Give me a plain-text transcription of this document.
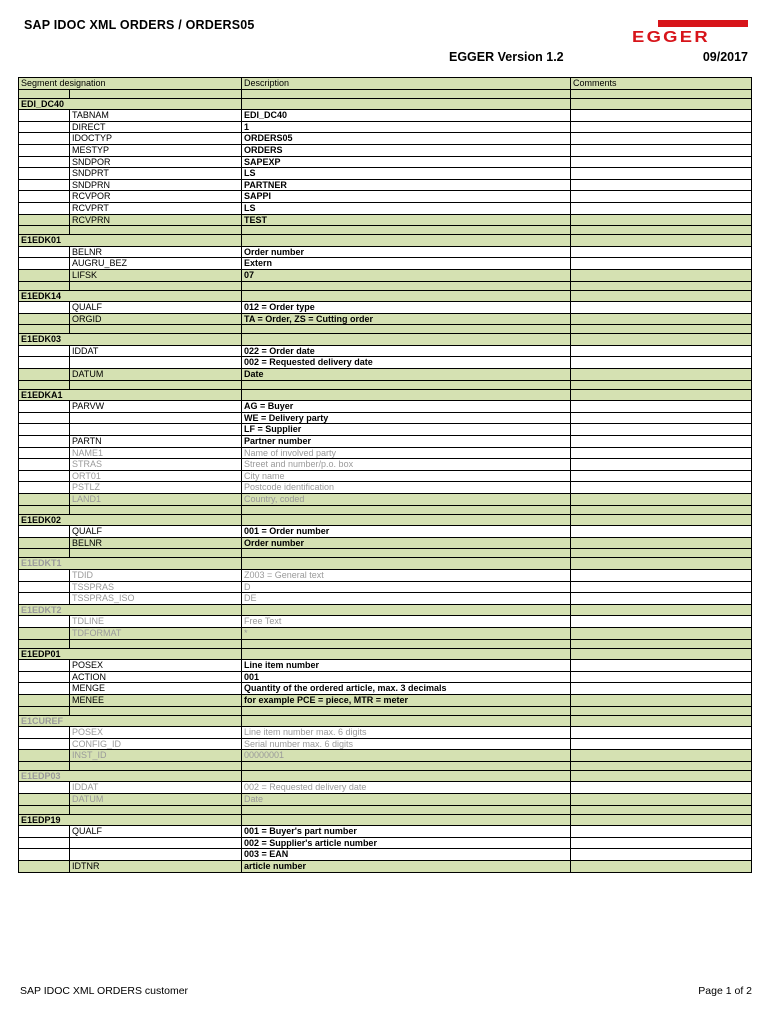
SAP IDOC XML ORDERS / ORDERS05
EGGER
EGGER Version 1.2	09/2017
Segment designation		Description	Comments

EDI_DC40			
	TABNAM	EDI_DC40	
	DIRECT	1	
	IDOCTYP	ORDERS05	
	MESTYP	ORDERS	
	SNDPOR	SAPEXP	
	SNDPRT	LS	
	SNDPRN	PARTNER	
	RCVPOR	SAPPI	
	RCVPRT	LS	
	RCVPRN	TEST	

E1EDK01			
	BELNR	Order number	
	AUGRU_BEZ	Extern	
	LIFSK	07	

E1EDK14			
	QUALF	012 = Order type	
	ORGID	TA = Order, ZS = Cutting order	

E1EDK03			
	IDDAT	022 = Order date	
		002 = Requested delivery date	
	DATUM	Date	

E1EDKA1			
	PARVW	AG = Buyer	
		WE = Delivery party	
		LF = Supplier	
	PARTN	Partner number	
	NAME1	Name of involved party	
	STRAS	Street and number/p.o. box	
	ORT01	City name	
	PSTLZ	Postcode identification	
	LAND1	Country, coded	

E1EDK02			
	QUALF	001 = Order number	
	BELNR	Order number	

E1EDKT1			
	TDID	Z003 = General text	
	TSSPRAS	D	
	TSSPRAS_ISO	DE	
E1EDKT2			
	TDLINE	Free Text	
	TDFORMAT	*	

E1EDP01			
	POSEX	Line item number	
	ACTION	001	
	MENGE	Quantity of the ordered article, max. 3 decimals	
	MENEE	for example PCE = piece, MTR = meter	

E1CUREF			
	POSEX	Line item number max. 6 digits	
	CONFIG_ID	Serial number max. 6 digits	
	INST_ID	00000001	

E1EDP03			
	IDDAT	002 = Requested delivery date	
	DATUM	Date	

E1EDP19			
	QUALF	001 = Buyer's part number	
		002 = Supplier's article number	
		003 = EAN	
	IDTNR	article number	
SAP IDOC XML ORDERS customer	Page 1 of 2
